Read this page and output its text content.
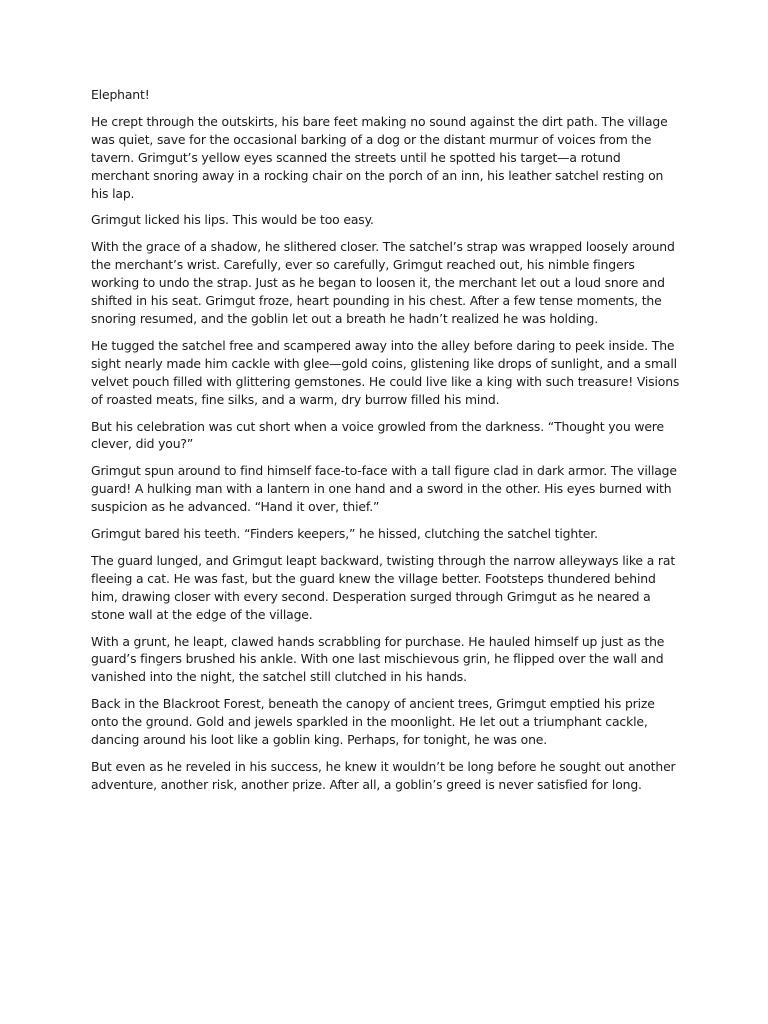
Elephant!

He crept through the outskirts, his bare feet making no sound against the dirt path. The village was quiet, save for the occasional barking of a dog or the distant murmur of voices from the tavern. Grimgut’s yellow eyes scanned the streets until he spotted his target—a rotund merchant snoring away in a rocking chair on the porch of an inn, his leather satchel resting on his lap.

Grimgut licked his lips. This would be too easy.

With the grace of a shadow, he slithered closer. The satchel’s strap was wrapped loosely around the merchant’s wrist. Carefully, ever so carefully, Grimgut reached out, his nimble fingers working to undo the strap. Just as he began to loosen it, the merchant let out a loud snore and shifted in his seat. Grimgut froze, heart pounding in his chest. After a few tense moments, the snoring resumed, and the goblin let out a breath he hadn’t realized he was holding.

He tugged the satchel free and scampered away into the alley before daring to peek inside. The sight nearly made him cackle with glee—gold coins, glistening like drops of sunlight, and a small velvet pouch filled with glittering gemstones. He could live like a king with such treasure! Visions of roasted meats, fine silks, and a warm, dry burrow filled his mind.

But his celebration was cut short when a voice growled from the darkness. “Thought you were clever, did you?”

Grimgut spun around to find himself face-to-face with a tall figure clad in dark armor. The village guard! A hulking man with a lantern in one hand and a sword in the other. His eyes burned with suspicion as he advanced. “Hand it over, thief.”

Grimgut bared his teeth. “Finders keepers,” he hissed, clutching the satchel tighter.

The guard lunged, and Grimgut leapt backward, twisting through the narrow alleyways like a rat fleeing a cat. He was fast, but the guard knew the village better. Footsteps thundered behind him, drawing closer with every second. Desperation surged through Grimgut as he neared a stone wall at the edge of the village.

With a grunt, he leapt, clawed hands scrabbling for purchase. He hauled himself up just as the guard’s fingers brushed his ankle. With one last mischievous grin, he flipped over the wall and vanished into the night, the satchel still clutched in his hands.

Back in the Blackroot Forest, beneath the canopy of ancient trees, Grimgut emptied his prize onto the ground. Gold and jewels sparkled in the moonlight. He let out a triumphant cackle, dancing around his loot like a goblin king. Perhaps, for tonight, he was one.

But even as he reveled in his success, he knew it wouldn’t be long before he sought out another adventure, another risk, another prize. After all, a goblin’s greed is never satisfied for long.
